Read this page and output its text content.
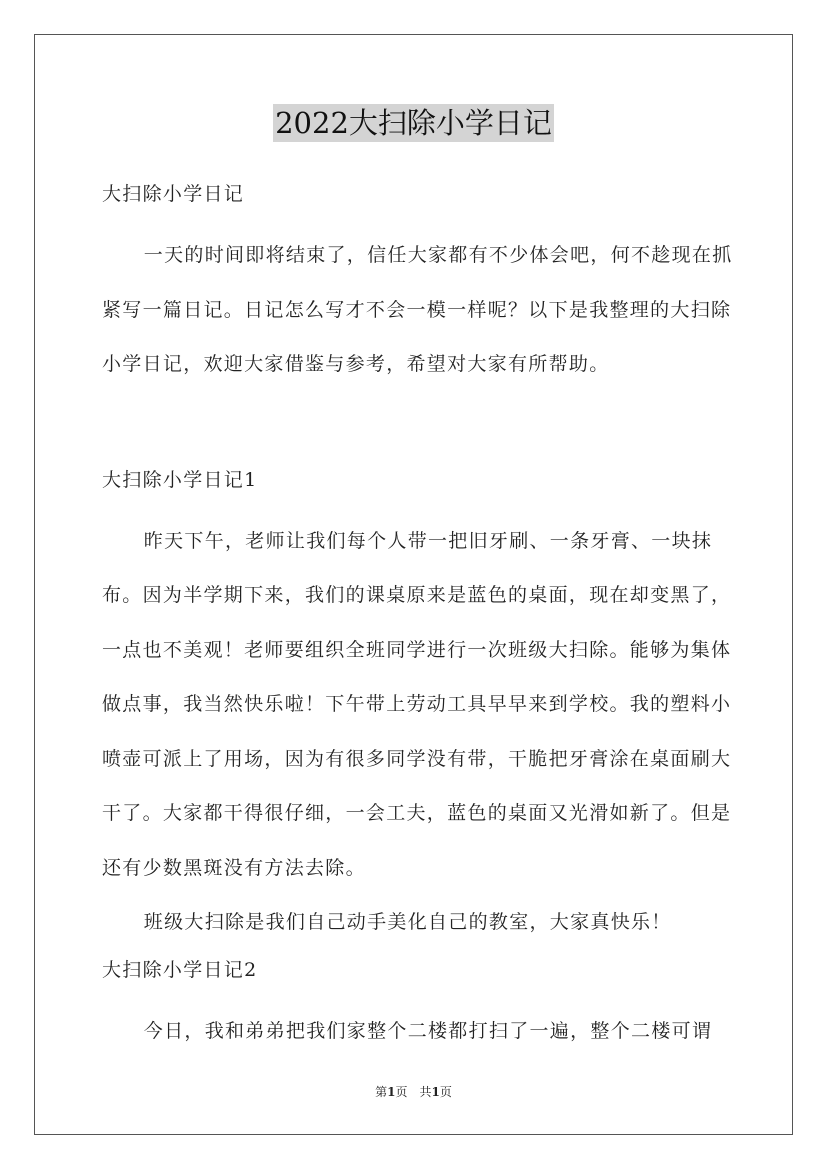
2022大扫除小学日记
大扫除小学日记

一天的时间即将结束了，信任大家都有不少体会吧，何不趁现在抓紧写一篇日记。日记怎么写才不会一模一样呢？以下是我整理的大扫除小学日记，欢迎大家借鉴与参考，希望对大家有所帮助。

大扫除小学日记1

昨天下午，老师让我们每个人带一把旧牙刷、一条牙膏、一块抹布。因为半学期下来，我们的课桌原来是蓝色的桌面，现在却变黑了，一点也不美观！老师要组织全班同学进行一次班级大扫除。能够为集体做点事，我当然快乐啦！下午带上劳动工具早早来到学校。我的塑料小喷壶可派上了用场，因为有很多同学没有带，干脆把牙膏涂在桌面刷大干了。大家都干得很仔细，一会工夫，蓝色的桌面又光滑如新了。但是还有少数黑斑没有方法去除。

班级大扫除是我们自己动手美化自己的教室，大家真快乐！

大扫除小学日记2

今日，我和弟弟把我们家整个二楼都打扫了一遍，整个二楼可谓

第1页　共1页
